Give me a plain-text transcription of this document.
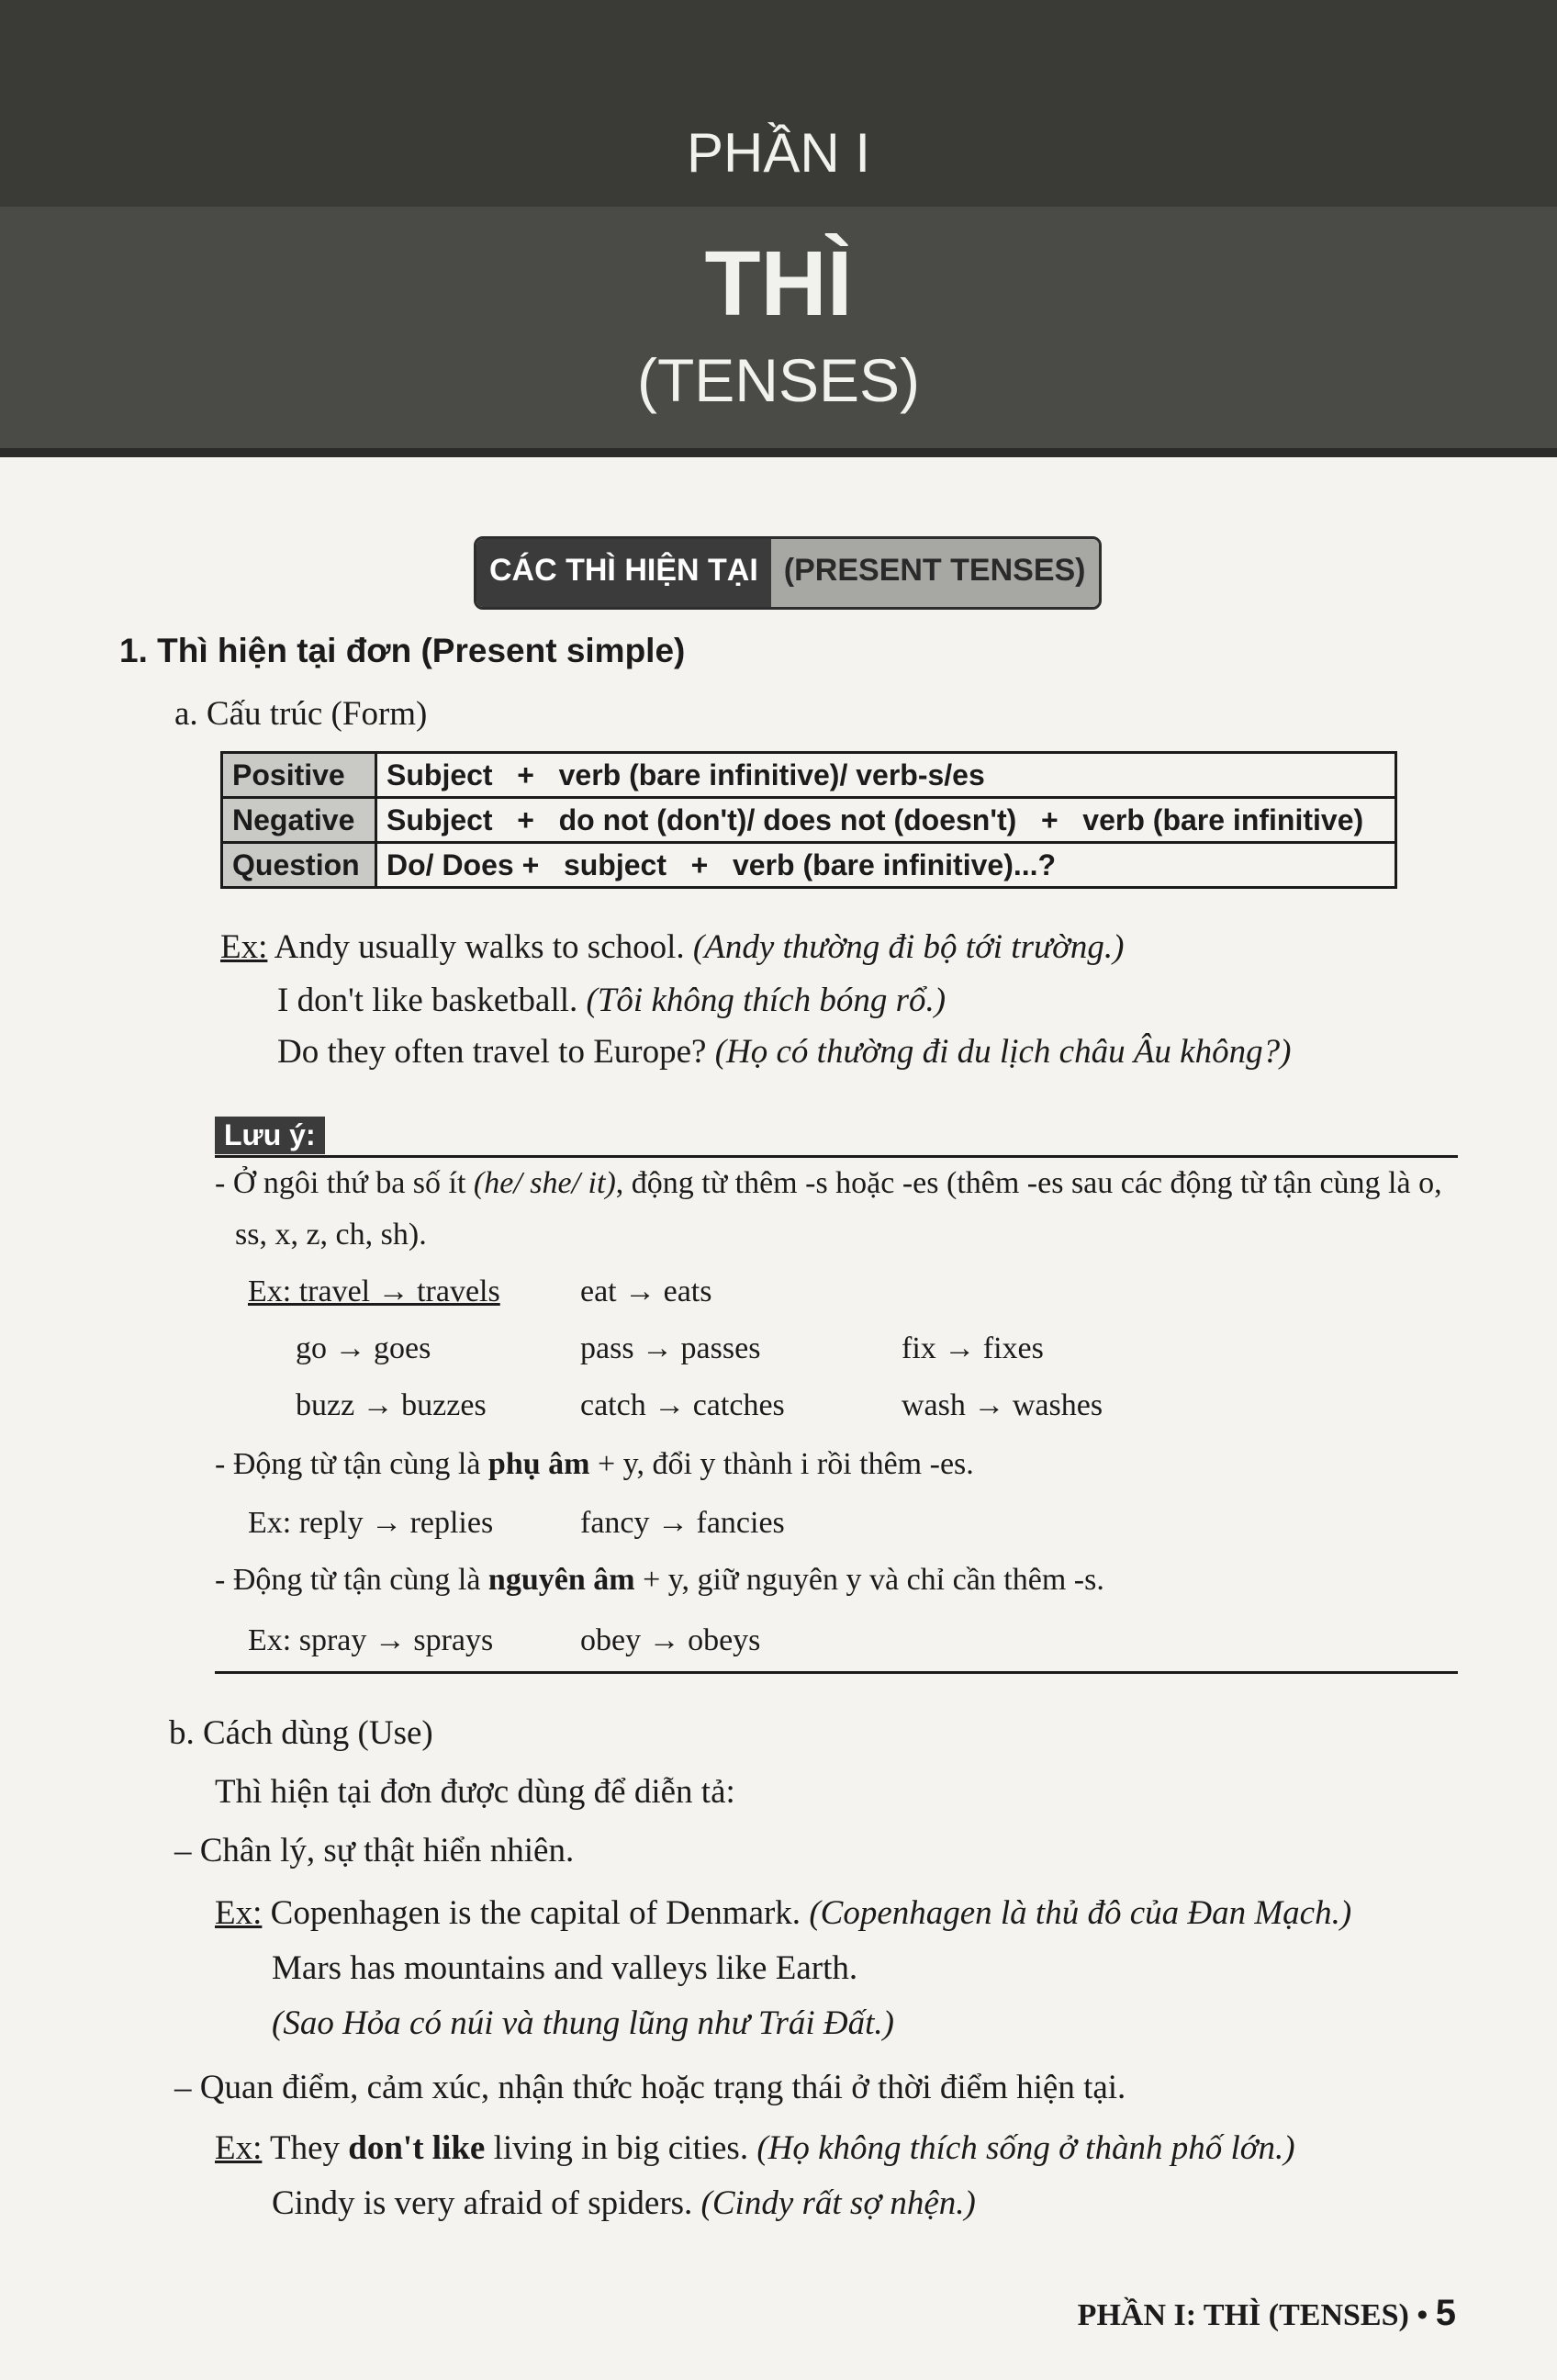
PHẦN I
THÌ
(TENSES)
CÁC THÌ HIỆN TẠI (PRESENT TENSES)
1. Thì hiện tại đơn (Present simple)
a. Cấu trúc (Form)
Positive	Subject   +   verb (bare infinitive)/ verb-s/es
Negative	Subject   +   do not (don't)/ does not (doesn't)   +   verb (bare infinitive)
Question	Do/ Does +   subject   +   verb (bare infinitive)...?
Ex: Andy usually walks to school. (Andy thường đi bộ tới trường.)
I don't like basketball. (Tôi không thích bóng rổ.)
Do they often travel to Europe? (Họ có thường đi du lịch châu Âu không?)
Lưu ý:
- Ở ngôi thứ ba số ít (he/ she/ it), động từ thêm -s hoặc -es (thêm -es sau các động từ tận cùng là o,
ss, x, z, ch, sh).
Ex: travel → travels	eat → eats
go → goes	pass → passes	fix → fixes
buzz → buzzes	catch → catches	wash → washes
- Động từ tận cùng là phụ âm + y, đổi y thành i rồi thêm -es.
Ex: reply → replies	fancy → fancies
- Động từ tận cùng là nguyên âm + y, giữ nguyên y và chỉ cần thêm -s.
Ex: spray → sprays	obey → obeys
b. Cách dùng (Use)
Thì hiện tại đơn được dùng để diễn tả:
– Chân lý, sự thật hiển nhiên.
Ex: Copenhagen is the capital of Denmark. (Copenhagen là thủ đô của Đan Mạch.)
Mars has mountains and valleys like Earth.
(Sao Hỏa có núi và thung lũng như Trái Đất.)
– Quan điểm, cảm xúc, nhận thức hoặc trạng thái ở thời điểm hiện tại.
Ex: They don't like living in big cities. (Họ không thích sống ở thành phố lớn.)
Cindy is very afraid of spiders. (Cindy rất sợ nhện.)
PHẦN I: THÌ (TENSES) • 5
